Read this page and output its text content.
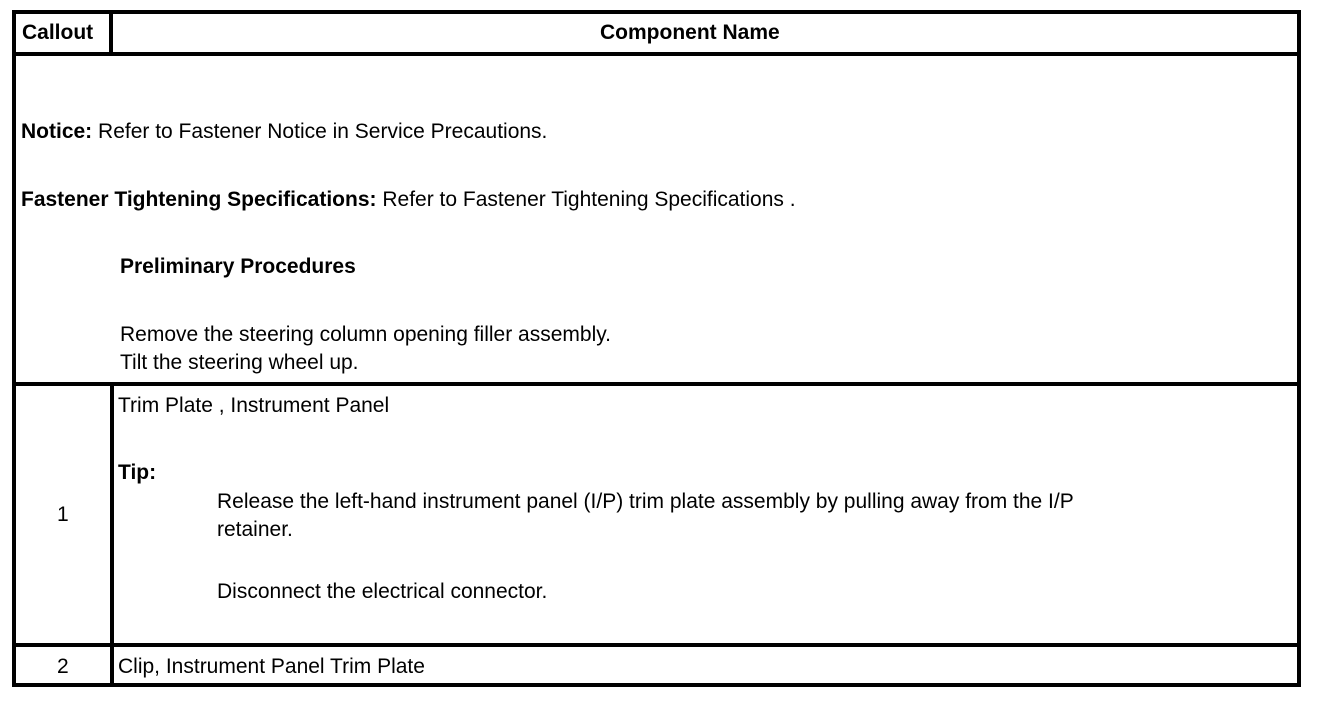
Callout	Component Name
Notice: Refer to Fastener Notice in Service Precautions.
Fastener Tightening Specifications: Refer to Fastener Tightening Specifications .
Preliminary Procedures
Remove the steering column opening filler assembly.
Tilt the steering wheel up.
1
Trim Plate , Instrument Panel
Tip:
Release the left-hand instrument panel (I/P) trim plate assembly by pulling away from the I/P
retainer.
Disconnect the electrical connector.
2 Clip, Instrument Panel Trim Plate
